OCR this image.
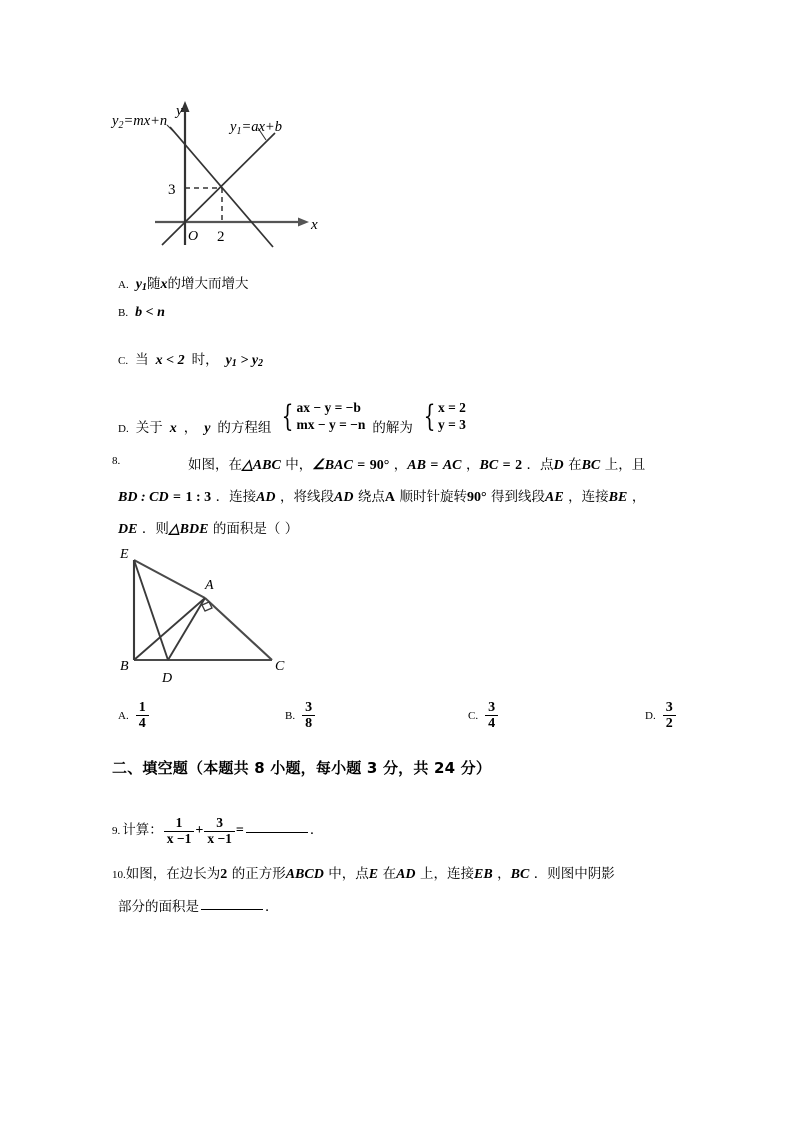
x
y
O
3
2
$y_2=mx+n$	$y_1=ax+b$
A. $y_1$随x的增大而增大
B. b < n
C. 当 x < 2 时， $y_1 > y_2$
D. 关于 x ， y 的方程组 { ax − y = −b
mx − y = −n 的解为 { x = 2
y = 3
8.	如图，在△ABC 中，∠BAC = 90° ，AB = AC ，BC = 2 ．点D 在BC 上，且
BD : CD = 1 : 3 ．连接AD ，将线段AD 绕点A 顺时针旋转90° 得到线段AE ，连接BE ，
DE ．则△BDE 的面积是（ ）
E
A
B
D
C
A. $\frac{1}{4}$	B. $\frac{3}{8}$	C. $\frac{3}{4}$	D. $\frac{3}{2}$
二、填空题（本题共 8 小题，每小题 3 分，共 24 分）
9. 计算： $\frac{1}{x -1} + \frac{3}{x -1}$ =	．
10.如图，在边长为2 的正方形ABCD 中，点E 在AD 上，连接EB ，BC ．则图中阴影
部分的面积是	．
